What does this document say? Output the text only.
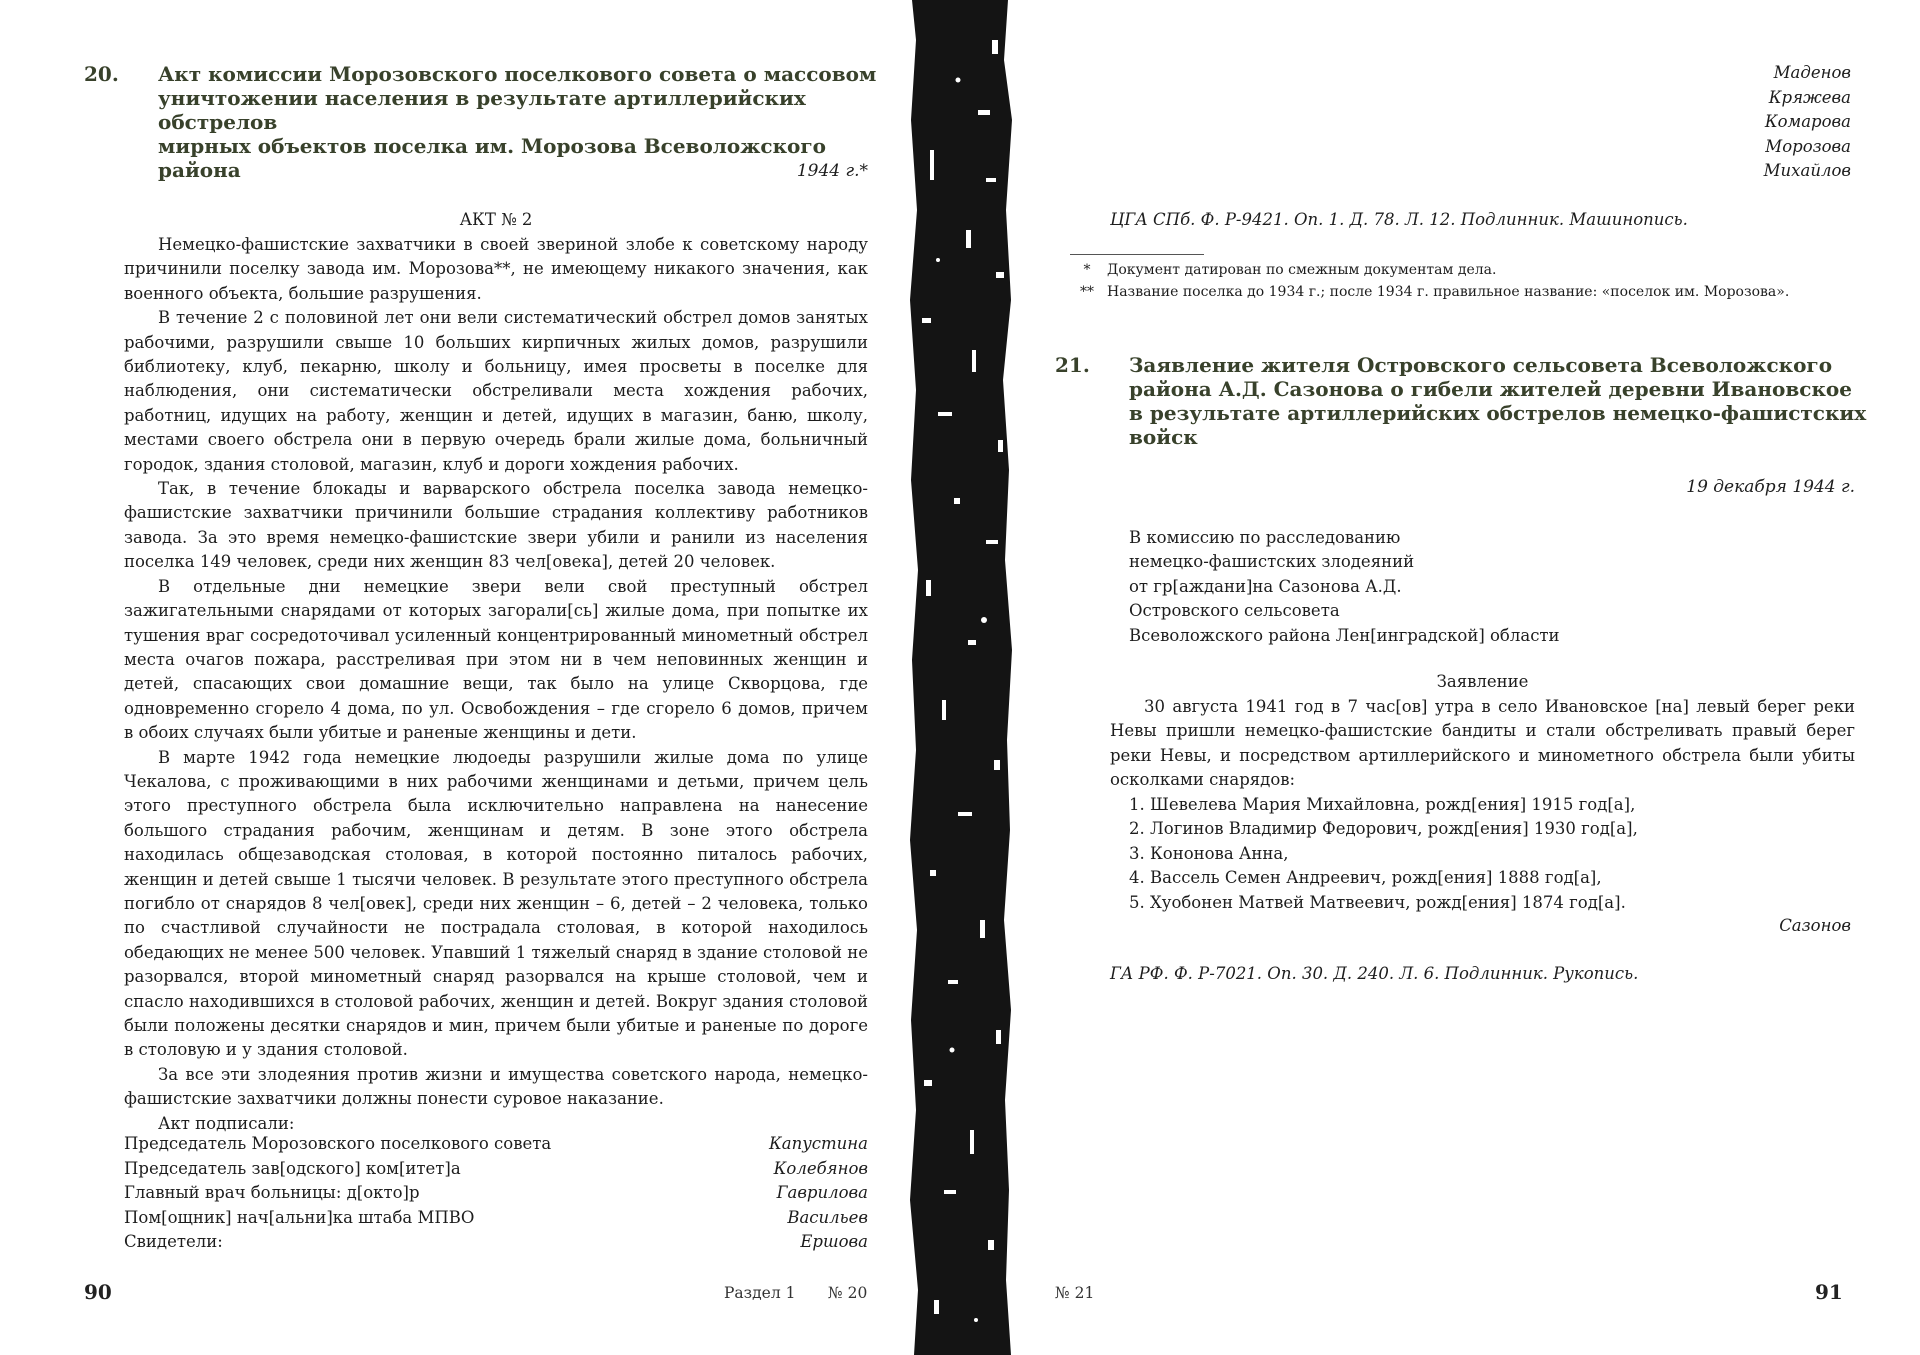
20. Акт комиссии Морозовского поселкового совета о массовом
уничтожении населения в результате артиллерийских обстрелов
мирных объектов поселка им. Морозова Всеволожского района	1944 г.*
АКТ № 2

Немецко-фашистские захватчики в своей звериной злобе к советскому народу причинили поселку завода им. Морозова**, не имеющему никакого значения, как военного объекта, большие разрушения.

В течение 2 с половиной лет они вели систематический обстрел домов занятых рабочими, разрушили свыше 10 больших кирпичных жилых домов, разрушили библиотеку, клуб, пекарню, школу и больницу, имея просветы в поселке для наблюдения, они систематически обстреливали места хождения рабочих, работниц, идущих на работу, женщин и детей, идущих в магазин, баню, школу, местами своего обстрела они в первую очередь брали жилые дома, больничный городок, здания столовой, магазин, клуб и дороги хождения рабочих.

Так, в течение блокады и варварского обстрела поселка завода немецко-фашистские захватчики причинили большие страдания коллективу работников завода. За это время немецко-фашистские звери убили и ранили из населения поселка 149 человек, среди них женщин 83 чел[овека], детей 20 человек.

В отдельные дни немецкие звери вели свой преступный обстрел зажигательными снарядами от которых загорали[сь] жилые дома, при попытке их тушения враг сосредоточивал усиленный концентрированный минометный обстрел места очагов пожара, расстреливая при этом ни в чем неповинных женщин и детей, спасающих свои домашние вещи, так было на улице Скворцова, где одновременно сгорело 4 дома, по ул. Освобождения – где сгорело 6 домов, причем в обоих случаях были убитые и раненые женщины и дети.

В марте 1942 года немецкие людоеды разрушили жилые дома по улице Чекалова, с проживающими в них рабочими женщинами и детьми, причем цель этого преступного обстрела была исключительно направлена на нанесение большого страдания рабочим, женщинам и детям. В зоне этого обстрела находилась общезаводская столовая, в которой постоянно питалось рабочих, женщин и детей свыше 1 тысячи человек. В результате этого преступного обстрела погибло от снарядов 8 чел[овек], среди них женщин – 6, детей – 2 человека, только по счастливой случайности не пострадала столовая, в которой находилось обедающих не менее 500 человек. Упавший 1 тяжелый снаряд в здание столовой не разорвался, второй минометный снаряд разорвался на крыше столовой, чем и спасло находившихся в столовой рабочих, женщин и детей. Вокруг здания столовой были положены десятки снарядов и мин, причем были убитые и раненые по дороге в столовую и у здания столовой.

За все эти злодеяния против жизни и имущества советского народа, немецко-фашистские захватчики должны понести суровое наказание.

Акт подписали:

Председатель Морозовского поселкового совета	Капустина
Председатель зав[одского] ком[итет]а	Колебянов
Главный врач больницы: д[окто]р	Гаврилова
Пом[ощник] нач[альни]ка штаба МПВО	Васильев
Свидетели:	Ершова
90	Раздел 1 № 20
Маденов
Кряжева
Комарова
Морозова
Михайлов
ЦГА СПб. Ф. Р-9421. Оп. 1. Д. 78. Л. 12. Подлинник. Машинопись.
*	Документ датирован по смежным документам дела.
** Название поселка до 1934 г.; после 1934 г. правильное название: «поселок им. Морозова».
21. Заявление жителя Островского сельсовета Всеволожского
района А.Д. Сазонова о гибели жителей деревни Ивановское
в результате артиллерийских обстрелов немецко-фашистских
войск
19 декабря 1944 г.
В комиссию по расследованию
немецко-фашистских злодеяний
от гр[аждани]на Сазонова А.Д.
Островского сельсовета
Всеволожского района Лен[инградской] области
Заявление

30 августа 1941 год в 7 час[ов] утра в село Ивановское [на] левый берег реки Невы пришли немецко-фашистские бандиты и стали обстреливать правый берег реки Невы, и посредством артиллерийского и минометного обстрела были убиты осколками снарядов:

1. Шевелева Мария Михайловна, рожд[ения] 1915 год[а],
2. Логинов Владимир Федорович, рожд[ения] 1930 год[а],
3. Кононова Анна,
4. Вассель Семен Андреевич, рожд[ения] 1888 год[а],
5. Хуобонен Матвей Матвеевич, рожд[ения] 1874 год[а].
Сазонов
ГА РФ. Ф. Р-7021. Оп. 30. Д. 240. Л. 6. Подлинник. Рукопись.
№ 21	91
